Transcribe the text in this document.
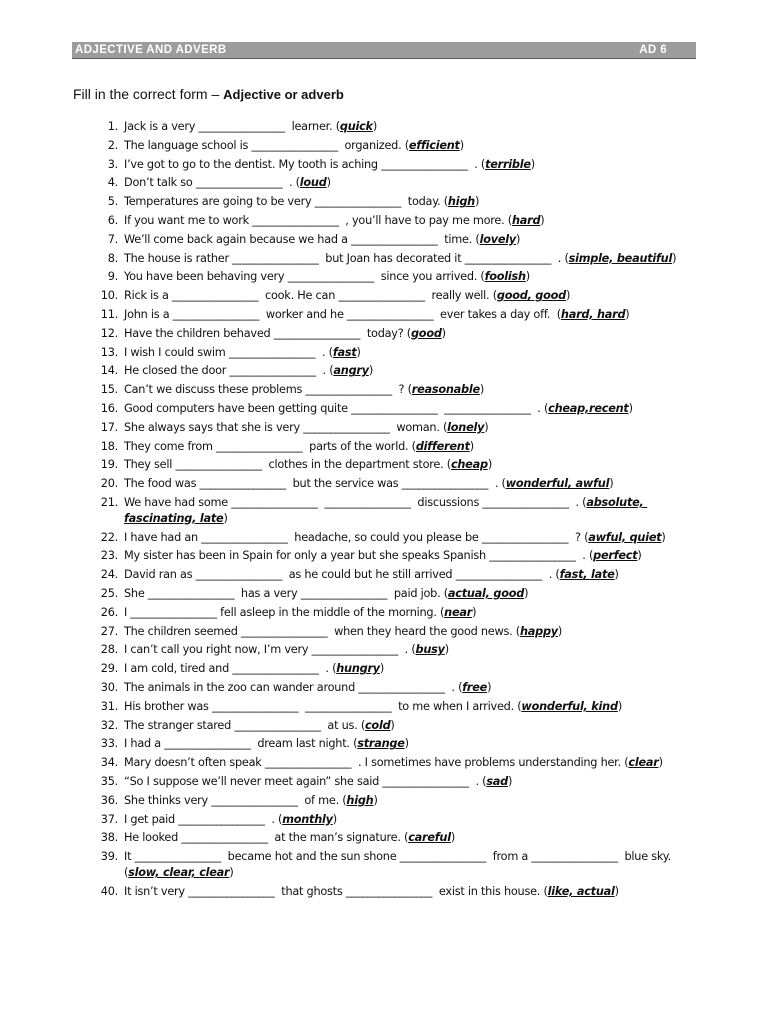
ADJECTIVE AND ADVERB	AD 6
Fill in the correct form – Adjective or adverb
1. Jack is a very ________________  learner. (quick)
2. The language school is ________________  organized. (efficient)
3. I’ve got to go to the dentist. My tooth is aching ________________  . (terrible)
4. Don’t talk so ________________  . (loud)
5. Temperatures are going to be very ________________  today. (high)
6. If you want me to work ________________  , you’ll have to pay me more. (hard)
7. We’ll come back again because we had a ________________  time. (lovely)
8. The house is rather ________________  but Joan has decorated it ________________  . (simple, beautiful)
9. You have been behaving very ________________  since you arrived. (foolish)
10. Rick is a ________________  cook. He can ________________  really well. (good, good)
11. John is a ________________  worker and he ________________  ever takes a day off.  (hard, hard)
12. Have the children behaved ________________  today? (good)
13. I wish I could swim ________________  . (fast)
14. He closed the door ________________  . (angry)
15. Can’t we discuss these problems ________________  ? (reasonable)
16. Good computers have been getting quite ________________  ________________  . (cheap,recent)
17. She always says that she is very ________________  woman. (lonely)
18. They come from ________________  parts of the world. (different)
19. They sell ________________  clothes in the department store. (cheap)
20. The food was ________________  but the service was ________________  . (wonderful, awful)
21. We have had some ________________  ________________  discussions ________________  . (absolute, fascinating, late)
22. I have had an ________________  headache, so could you please be ________________  ? (awful, quiet)
23. My sister has been in Spain for only a year but she speaks Spanish ________________  . (perfect)
24. David ran as ________________  as he could but he still arrived ________________  . (fast, late)
25. She ________________  has a very ________________  paid job. (actual, good)
26. I ________________ fell asleep in the middle of the morning. (near)
27. The children seemed ________________  when they heard the good news. (happy)
28. I can’t call you right now, I’m very ________________  . (busy)
29. I am cold, tired and ________________  . (hungry)
30. The animals in the zoo can wander around ________________  . (free)
31. His brother was ________________  ________________  to me when I arrived. (wonderful, kind)
32. The stranger stared ________________  at us. (cold)
33. I had a ________________  dream last night. (strange)
34. Mary doesn’t often speak ________________  . I sometimes have problems understanding her. (clear)
35. “So I suppose we’ll never meet again” she said ________________  . (sad)
36. She thinks very ________________  of me. (high)
37. I get paid ________________  . (monthly)
38. He looked ________________  at the man’s signature. (careful)
39. It ________________  became hot and the sun shone ________________  from a ________________  blue sky. (slow, clear, clear)
40. It isn’t very ________________  that ghosts ________________  exist in this house. (like, actual)
